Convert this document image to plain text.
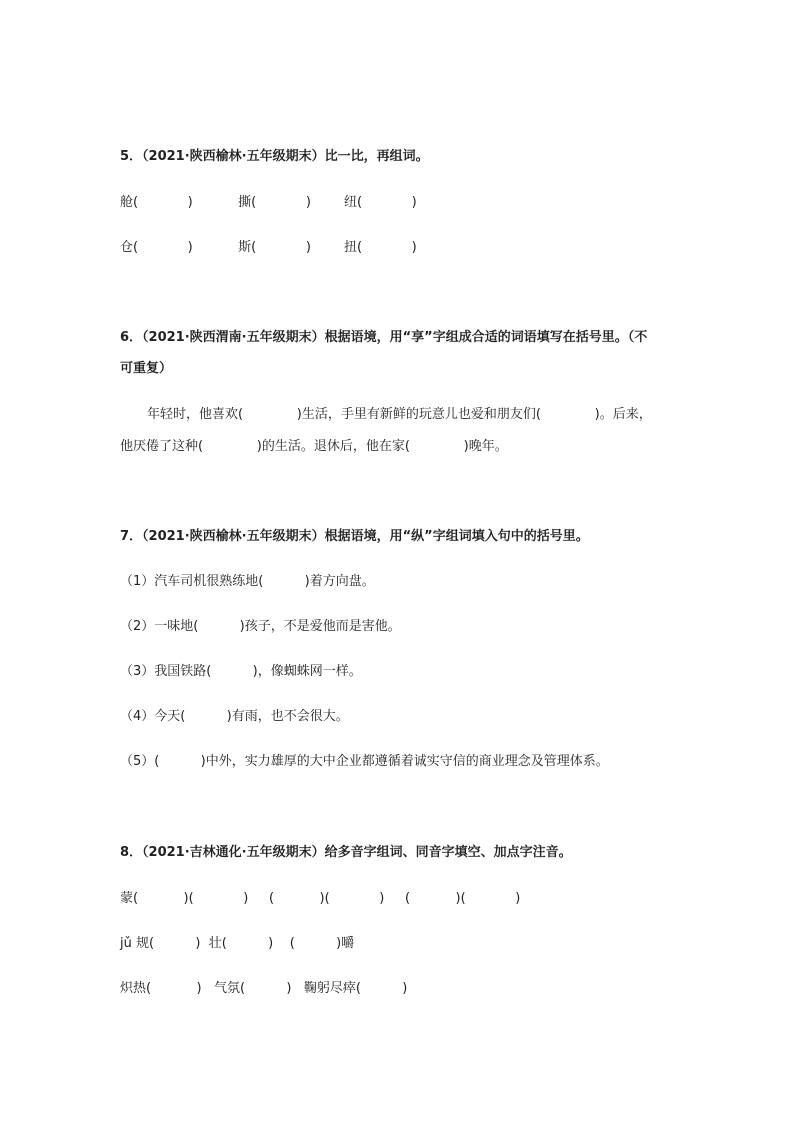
5．（2021·陕西榆林·五年级期末）比一比，再组词。
舱(            )           撕(            )        纽(            )
仓(            )           斯(            )        扭(            )
6．（2021·陕西渭南·五年级期末）根据语境，用“享”字组成合适的词语填写在括号里。（不
可重复）
年轻时，他喜欢(             )生活，手里有新鲜的玩意儿也爱和朋友们(             )。后来，
他厌倦了这种(             )的生活。退休后，他在家(             )晚年。
7．（2021·陕西榆林·五年级期末）根据语境，用“纵”字组词填入句中的括号里。
（1）汽车司机很熟练地(          )着方向盘。
（2）一味地(          )孩子，不是爱他而是害他。
（3）我国铁路(          )，像蜘蛛网一样。
（4）今天(          )有雨，也不会很大。
（5）(          )中外，实力雄厚的大中企业都遵循着诚实守信的商业理念及管理体系。
8．（2021·吉林通化·五年级期末）给多音字组词、同音字填空、加点字注音。
蒙(           )(            )     (           )(            )     (           )(            )
jǔ 规(          )  壮(          )    (          )嚼
炽热(           )   气氛(          )   鞠躬尽瘁(          )
